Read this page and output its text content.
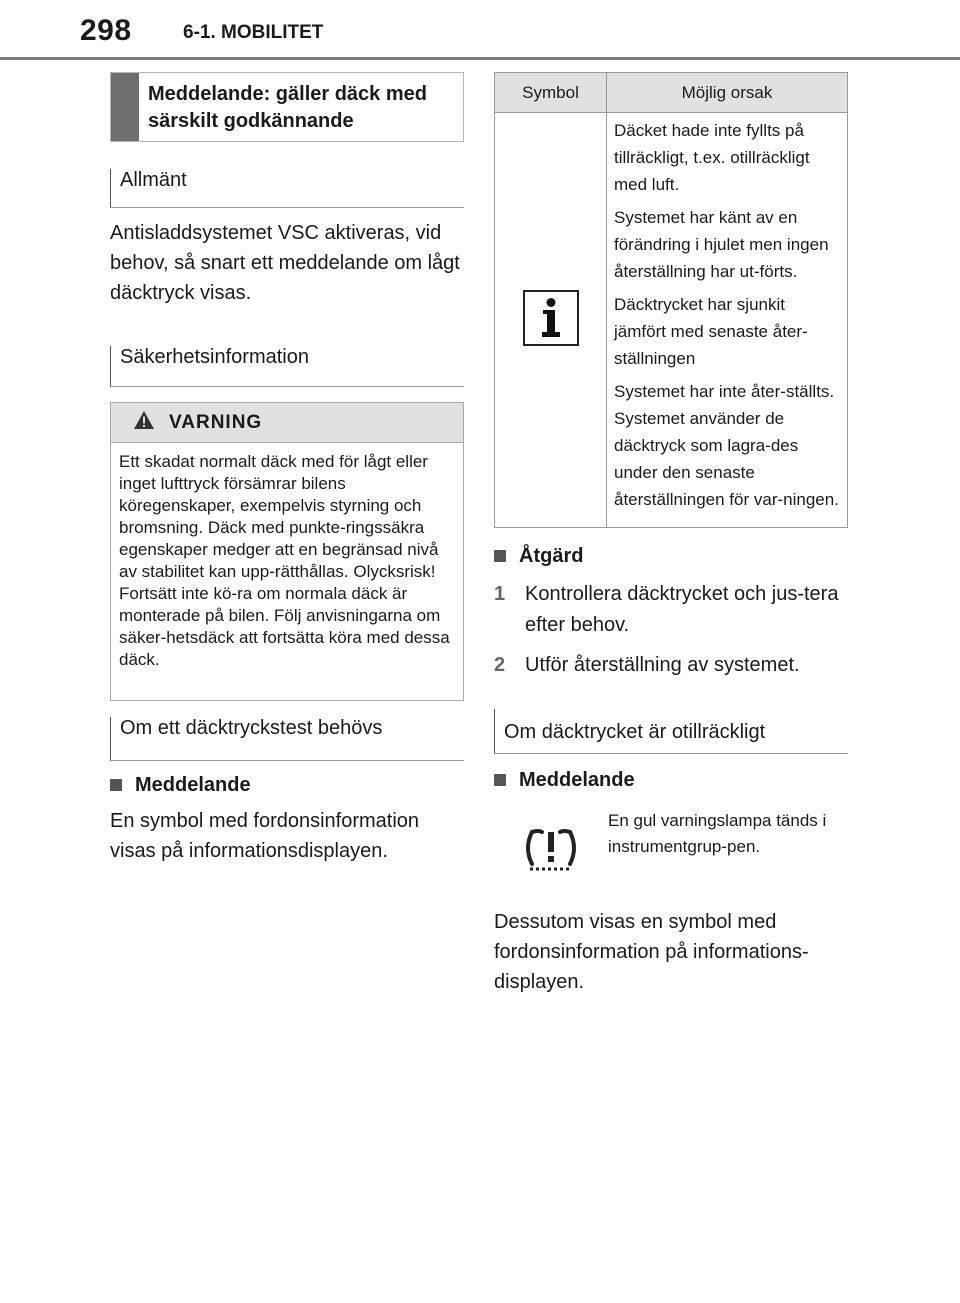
298	6-1. MOBILITET
Meddelande: gäller däck med särskilt godkännande
Allmänt
Antisladdsystemet VSC aktiveras, vid behov, så snart ett meddelande om lågt däcktryck visas.
Säkerhetsinformation
VARNING
Ett skadat normalt däck med för lågt eller inget lufttryck försämrar bilens köregenskaper, exempelvis styrning och bromsning. Däck med punkte-ringssäkra egenskaper medger att en begränsad nivå av stabilitet kan upp-rätthållas. Olycksrisk! Fortsätt inte kö-ra om normala däck är monterade på bilen. Följ anvisningarna om säker-hetsdäck att fortsätta köra med dessa däck.
Om ett däcktryckstest behövs
Meddelande
En symbol med fordonsinformation visas på informationsdisplayen.
Symbol	Möjlig orsak

Däcket hade inte fyllts på tillräckligt, t.ex. otillräckligt med luft.

Systemet har känt av en förändring i hjulet men ingen återställning har ut-förts.

Däcktrycket har sjunkit jämfört med senaste åter-ställningen

Systemet har inte åter-ställts. Systemet använder de däcktryck som lagra-des under den senaste återställningen för var-ningen.

Åtgärd
1 Kontrollera däcktrycket och jus-tera efter behov.
2 Utför återställning av systemet.
Om däcktrycket är otillräckligt
Meddelande
En gul varningslampa tänds i instrumentgrup-pen.
Dessutom visas en symbol med fordonsinformation på informations-displayen.
